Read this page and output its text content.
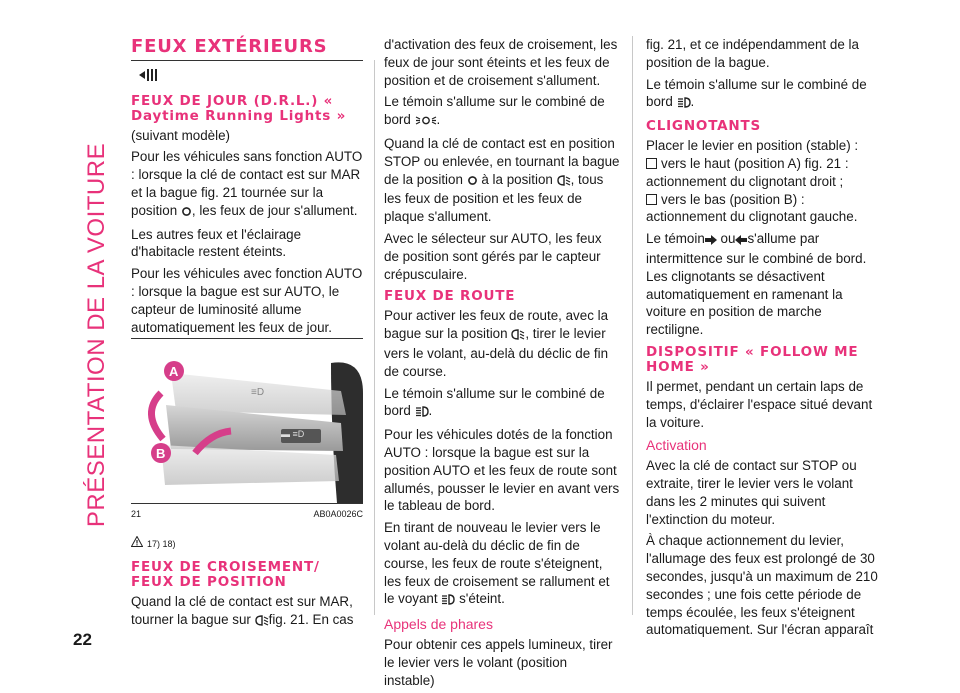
PRÉSENTATION DE LA VOITURE
22
FEUX EXTÉRIEURS
FEUX DE JOUR (D.R.L.) « Daytime Running Lights »

(suivant modèle)

Pour les véhicules sans fonction AUTO : lorsque la clé de contact est sur MAR et la bague fig. 21 tournée sur la position , les feux de jour s'allument.

Les autres feux et l'éclairage d'habitacle restent éteints.

Pour les véhicules avec fonction AUTO : lorsque la bague est sur AUTO, le capteur de luminosité allume automatiquement les feux de jour.

≡D
▬ ≡D
A
B
21	AB0A0026C
17) 18)
FEUX DE CROISEMENT/ FEUX DE POSITION

Quand la clé de contact est sur MAR, tourner la bague sur fig. 21. En cas

d'activation des feux de croisement, les feux de jour sont éteints et les feux de position et de croisement s'allument.

Le témoin s'allume sur le combiné de bord .

Quand la clé de contact est en position STOP ou enlevée, en tournant la bague de la position à la position , tous les feux de position et les feux de plaque s'allument.

Avec le sélecteur sur AUTO, les feux de position sont gérés par le capteur crépusculaire.

FEUX DE ROUTE

Pour activer les feux de route, avec la bague sur la position , tirer le levier vers le volant, au-delà du déclic de fin de course.

Le témoin s'allume sur le combiné de bord .

Pour les véhicules dotés de la fonction AUTO : lorsque la bague est sur la position AUTO et les feux de route sont allumés, pousser le levier en avant vers le tableau de bord.

En tirant de nouveau le levier vers le volant au-delà du déclic de fin de course, les feux de route s'éteignent, les feux de croisement se rallument et le voyant s'éteint.

Appels de phares

Pour obtenir ces appels lumineux, tirer le levier vers le volant (position instable)

fig. 21, et ce indépendamment de la position de la bague.

Le témoin s'allume sur le combiné de bord .

CLIGNOTANTS

Placer le levier en position (stable) :

vers le haut (position A) fig. 21 :

actionnement du clignotant droit ;

vers le bas (position B) :

actionnement du clignotant gauche.

Le témoin ou s'allume par intermittence sur le combiné de bord. Les clignotants se désactivent automatiquement en ramenant la voiture en position de marche rectiligne.

DISPOSITIF « FOLLOW ME HOME »

Il permet, pendant un certain laps de temps, d'éclairer l'espace situé devant la voiture.

Activation

Avec la clé de contact sur STOP ou extraite, tirer le levier vers le volant dans les 2 minutes qui suivent l'extinction du moteur.

À chaque actionnement du levier, l'allumage des feux est prolongé de 30 secondes, jusqu'à un maximum de 210 secondes ; une fois cette période de temps écoulée, les feux s'éteignent automatiquement. Sur l'écran apparaît
